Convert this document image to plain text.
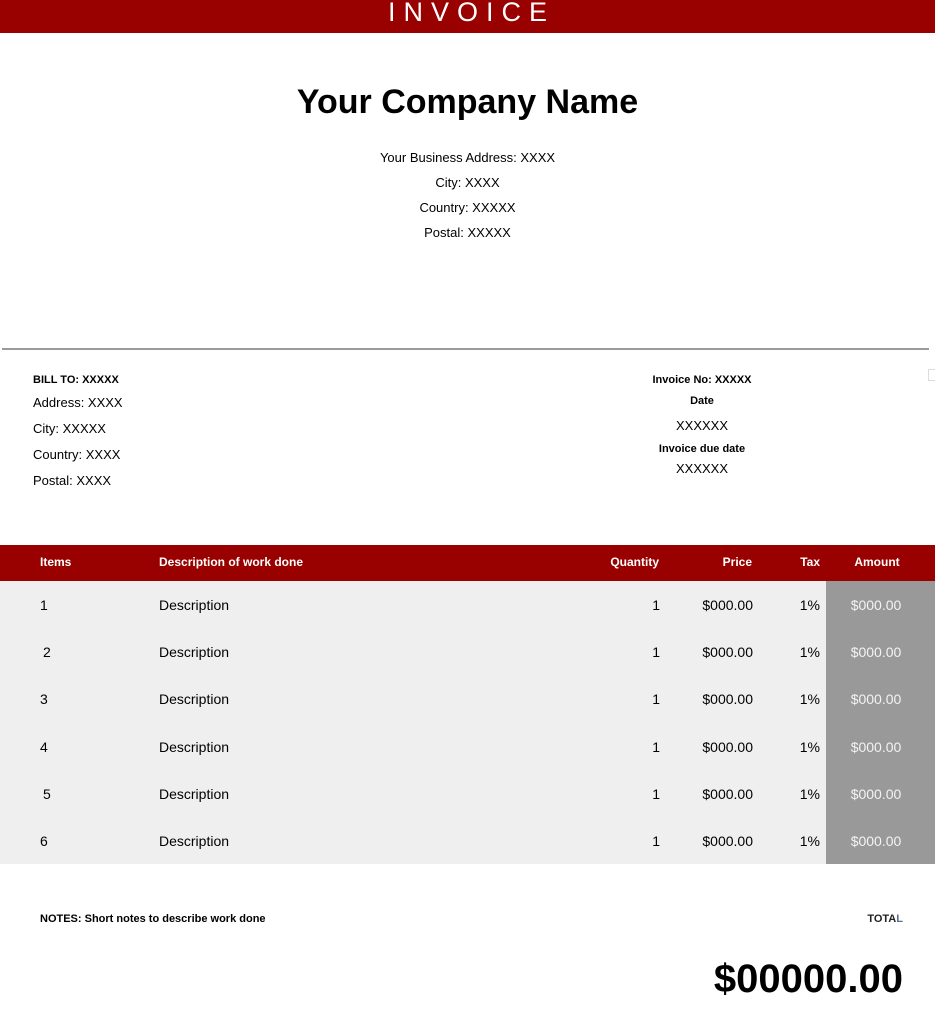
INVOICE
Your Company Name
Your Business Address: XXXX
City: XXXX
Country: XXXXX
Postal: XXXXX
BILL TO: XXXXX
Address: XXXX
City: XXXXX
Country: XXXX
Postal: XXXX
Invoice No: XXXXX
Date
XXXXXX
Invoice due date
XXXXXX
Items	Description of work done	Quantity	Price	Tax	Amount
1	Description	1	$000.00	1%	$000.00
2	Description	1	$000.00	1%	$000.00
3	Description	1	$000.00	1%	$000.00
4	Description	1	$000.00	1%	$000.00
5	Description	1	$000.00	1%	$000.00
6	Description	1	$000.00	1%	$000.00
NOTES: Short notes to describe work done	TOTAL
$00000.00
